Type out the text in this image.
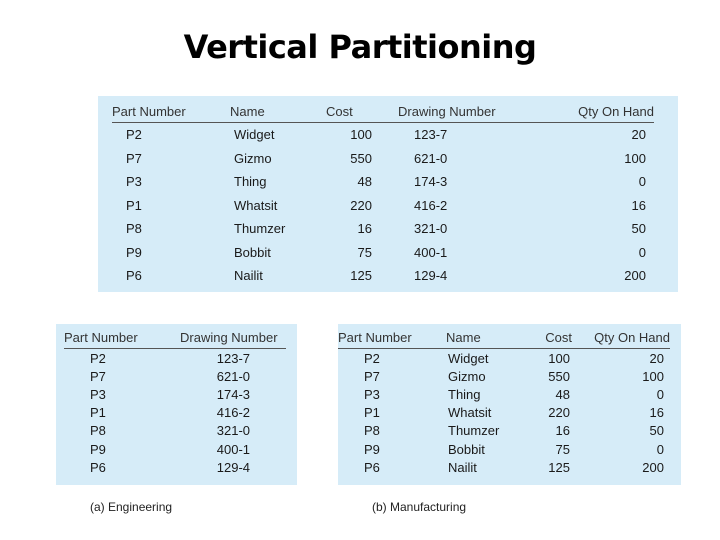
Vertical Partitioning
Part Number	Name	Cost	Drawing Number	Qty On Hand
P2	Widget	100	123-7	20
P7	Gizmo	550	621-0	100
P3	Thing	48	174-3	0
P1	Whatsit	220	416-2	16
P8	Thumzer	16	321-0	50
P9	Bobbit	75	400-1	0
P6	Nailit	125	129-4	200
Part Number	Drawing Number
P2	123-7
P7	621-0
P3	174-3
P1	416-2
P8	321-0
P9	400-1
P6	129-4
Part Number	Name	Cost	Qty On Hand
P2	Widget	100	20
P7	Gizmo	550	100
P3	Thing	48	0
P1	Whatsit	220	16
P8	Thumzer	16	50
P9	Bobbit	75	0
P6	Nailit	125	200
(a) Engineering	(b) Manufacturing
